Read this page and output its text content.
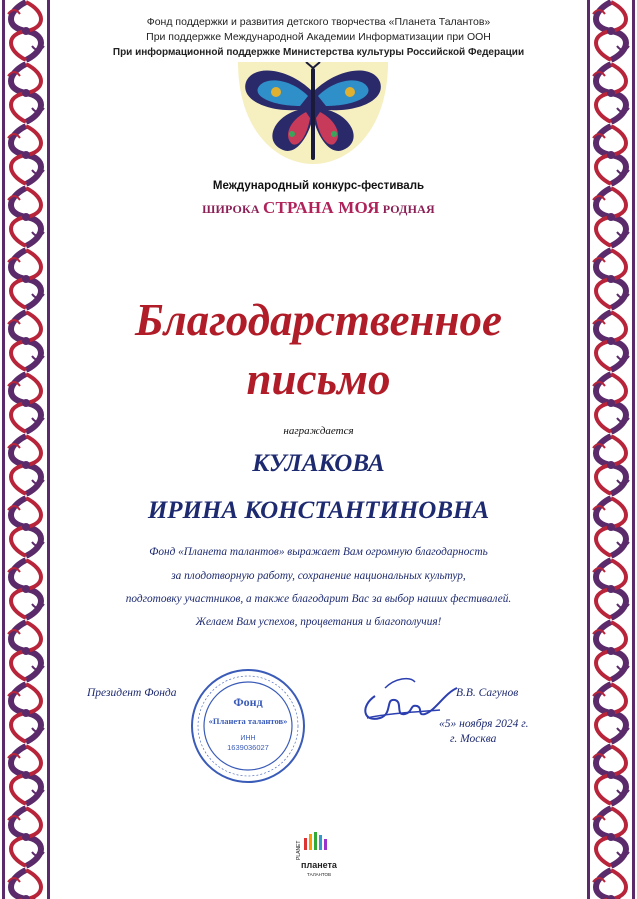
Фонд поддержки и развития детского творчества «Планета Талантов»
При поддержке Международной Академии Информатизации при ООН
При информационной поддержке Министерства культуры Российской Федерации
Международный конкурс-фестиваль
ШИРОКА СТРАНА МОЯ РОДНАЯ
Благодарственное
письмо
награждается
КУЛАКОВА
ИРИНА КОНСТАНТИНОВНА
Фонд «Планета талантов» выражает Вам огромную благодарность
за плодотворную работу, сохранение национальных культур,
подготовку участников, а также благодарит Вас за выбор наших фестивалей.
Желаем Вам успехов, процветания и благополучия!
Президент Фонда
Фонд
«Планета талантов»
ИНН
1639036027
В.В. Сагунов
«5» ноября 2024 г.
г. Москва
PLANET
планета
ТАЛАНТОВ
